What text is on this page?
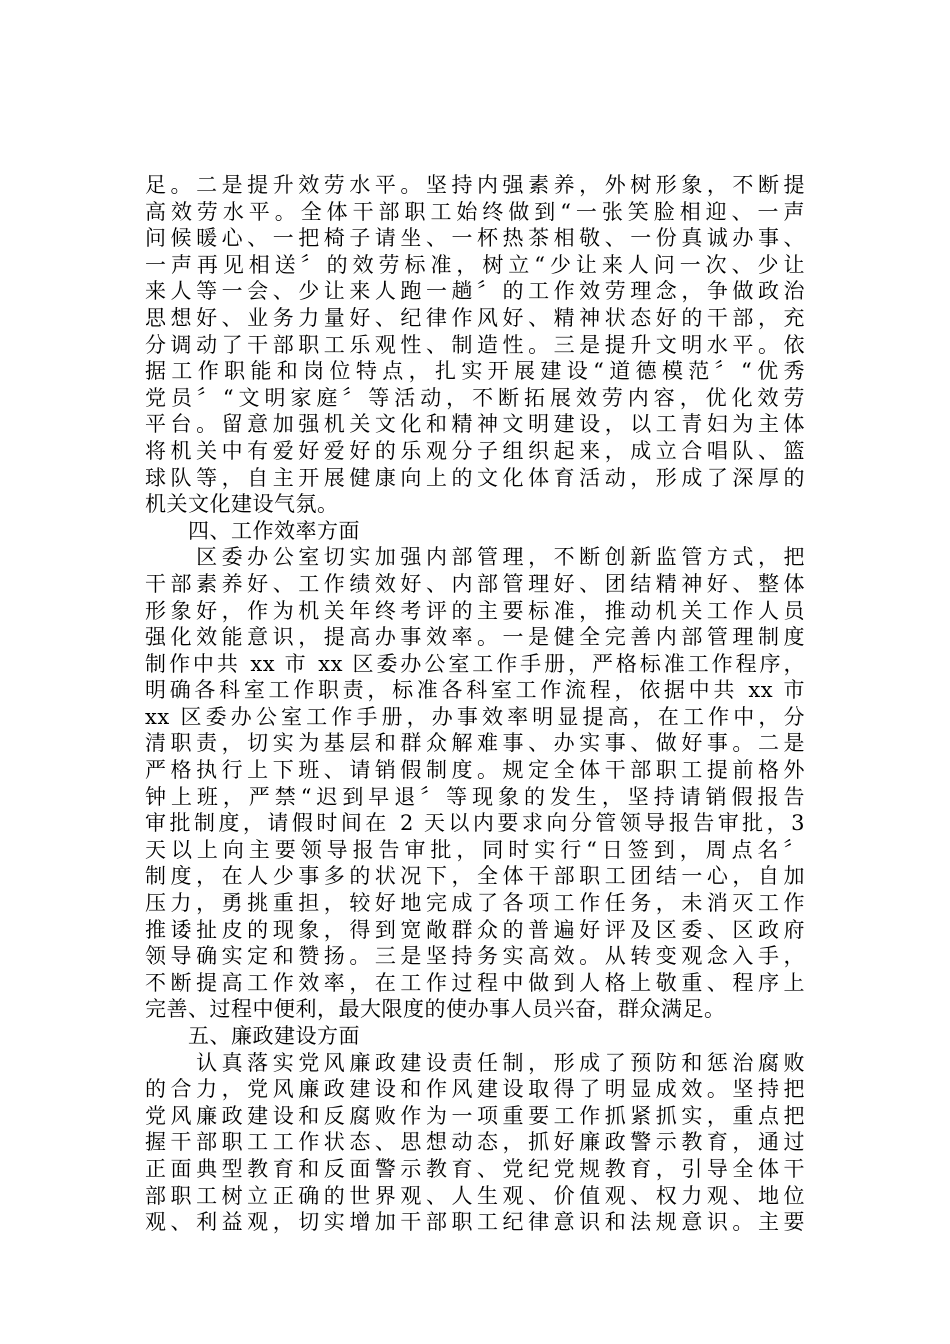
足。二是提升效劳水平。坚持内强素养，外树形象，不断提
高效劳水平。全体干部职工始终做到“一张笑脸相迎、一声
问候暖心、一把椅子请坐、一杯热茶相敬、一份真诚办事、
一声再见相送〞的效劳标准，树立“少让来人问一次、少让
来人等一会、少让来人跑一趟〞的工作效劳理念，争做政治
思想好、业务力量好、纪律作风好、精神状态好的干部，充
分调动了干部职工乐观性、制造性。三是提升文明水平。依
据工作职能和岗位特点，扎实开展建设“道德模范〞“优秀
党员〞“文明家庭〞等活动，不断拓展效劳内容，优化效劳
平台。留意加强机关文化和精神文明建设，以工青妇为主体
将机关中有爱好爱好的乐观分子组织起来，成立合唱队、篮
球队等，自主开展健康向上的文化体育活动，形成了深厚的
机关文化建设气氛。
　　四、工作效率方面
　　区委办公室切实加强内部管理，不断创新监管方式，把
干部素养好、工作绩效好、内部管理好、团结精神好、整体
形象好，作为机关年终考评的主要标准，推动机关工作人员
强化效能意识，提高办事效率。一是健全完善内部管理制度
制作中共 xx 市 xx 区委办公室工作手册，严格标准工作程序，
明确各科室工作职责，标准各科室工作流程，依据中共 xx 市
xx 区委办公室工作手册，办事效率明显提高，在工作中，分
清职责，切实为基层和群众解难事、办实事、做好事。二是
严格执行上下班、请销假制度。规定全体干部职工提前格外
钟上班，严禁“迟到早退〞等现象的发生，坚持请销假报告
审批制度，请假时间在 2 天以内要求向分管领导报告审批，3
天以上向主要领导报告审批，同时实行“日签到，周点名〞
制度，在人少事多的状况下，全体干部职工团结一心，自加
压力，勇挑重担，较好地完成了各项工作任务，未消灭工作
推诿扯皮的现象，得到宽敞群众的普遍好评及区委、区政府
领导确实定和赞扬。三是坚持务实高效。从转变观念入手，
不断提高工作效率，在工作过程中做到人格上敬重、程序上
完善、过程中便利，最大限度的使办事人员兴奋，群众满足。
　　五、廉政建设方面
　　认真落实党风廉政建设责任制，形成了预防和惩治腐败
的合力，党风廉政建设和作风建设取得了明显成效。坚持把
党风廉政建设和反腐败作为一项重要工作抓紧抓实，重点把
握干部职工工作状态、思想动态，抓好廉政警示教育，通过
正面典型教育和反面警示教育、党纪党规教育，引导全体干
部职工树立正确的世界观、人生观、价值观、权力观、地位
观、利益观，切实增加干部职工纪律意识和法规意识。主要
